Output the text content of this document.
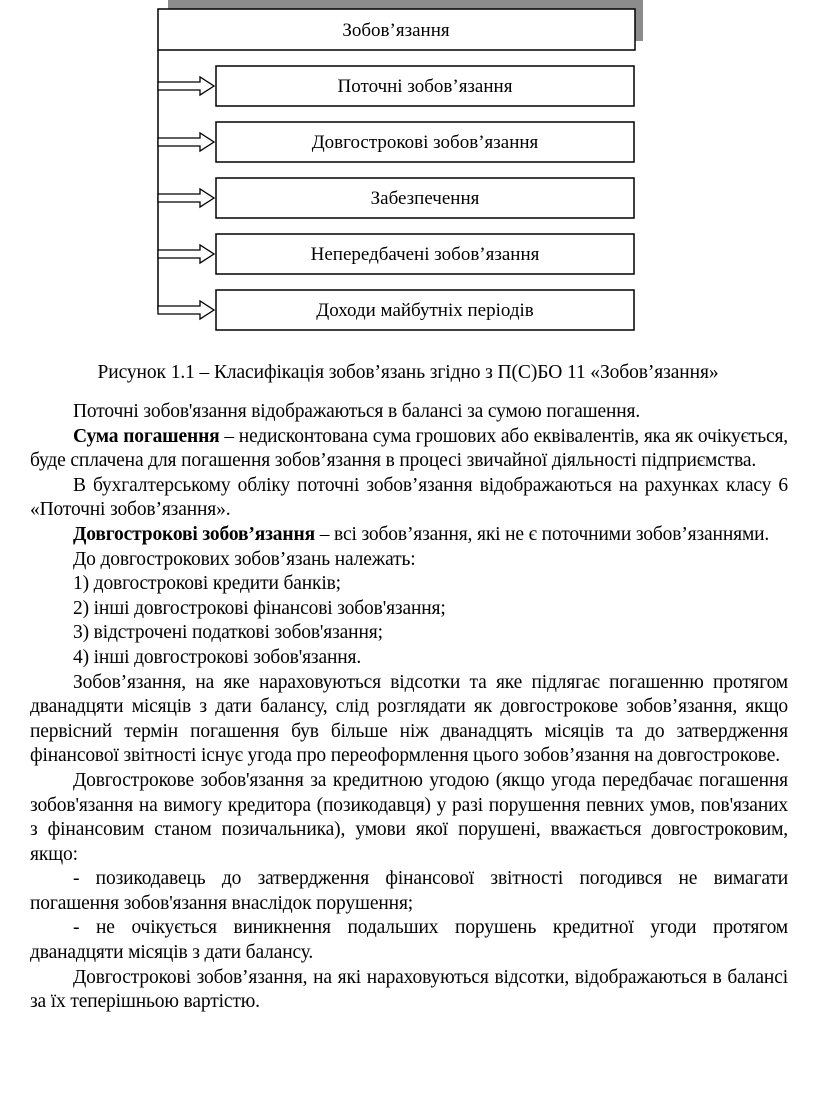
Зобов’язання
Поточні зобов’язання
Довгострокові зобов’язання
Забезпечення
Непередбачені зобов’язання
Доходи майбутніх періодів
Рисунок 1.1 – Класифікація зобов’язань згідно з П(С)БО 11 «Зобов’язання»

Поточні зобов'язання відображаються в балансі за сумою погашення.

Сума погашення – недисконтована сума грошових або еквівалентів, яка як очікується, буде сплачена для погашення зобов’язання в процесі звичайної діяльності підприємства.

В бухгалтерському обліку поточні зобов’язання відображаються на рахунках класу 6 «Поточні зобов’язання».

Довгострокові зобов’язання – всі зобов’язання, які не є поточними зобов’язаннями.

До довгострокових зобов’язань належать:

1) довгострокові кредити банків;

2) інші довгострокові фінансові зобов'язання;

3) відстрочені податкові зобов'язання;

4) інші довгострокові зобов'язання.

Зобов’язання, на яке нараховуються відсотки та яке підлягає погашенню протягом дванадцяти місяців з дати балансу, слід розглядати як довгострокове зобов’язання, якщо первісний термін погашення був більше ніж дванадцять місяців та до затвердження фінансової звітності існує угода про переоформлення цього зобов’язання на довгострокове.

Довгострокове зобов'язання за кредитною угодою (якщо угода передбачає погашення зобов'язання на вимогу кредитора (позикодавця) у разі порушення певних умов, пов'язаних з фінансовим станом позичальника), умови якої порушені, вважається довгостроковим, якщо:

- позикодавець до затвердження фінансової звітності погодився не вимагати погашення зобов'язання внаслідок порушення;

- не очікується виникнення подальших порушень кредитної угоди протягом дванадцяти місяців з дати балансу.

Довгострокові зобов’язання, на які нараховуються відсотки, відображаються в балансі за їх теперішньою вартістю.
